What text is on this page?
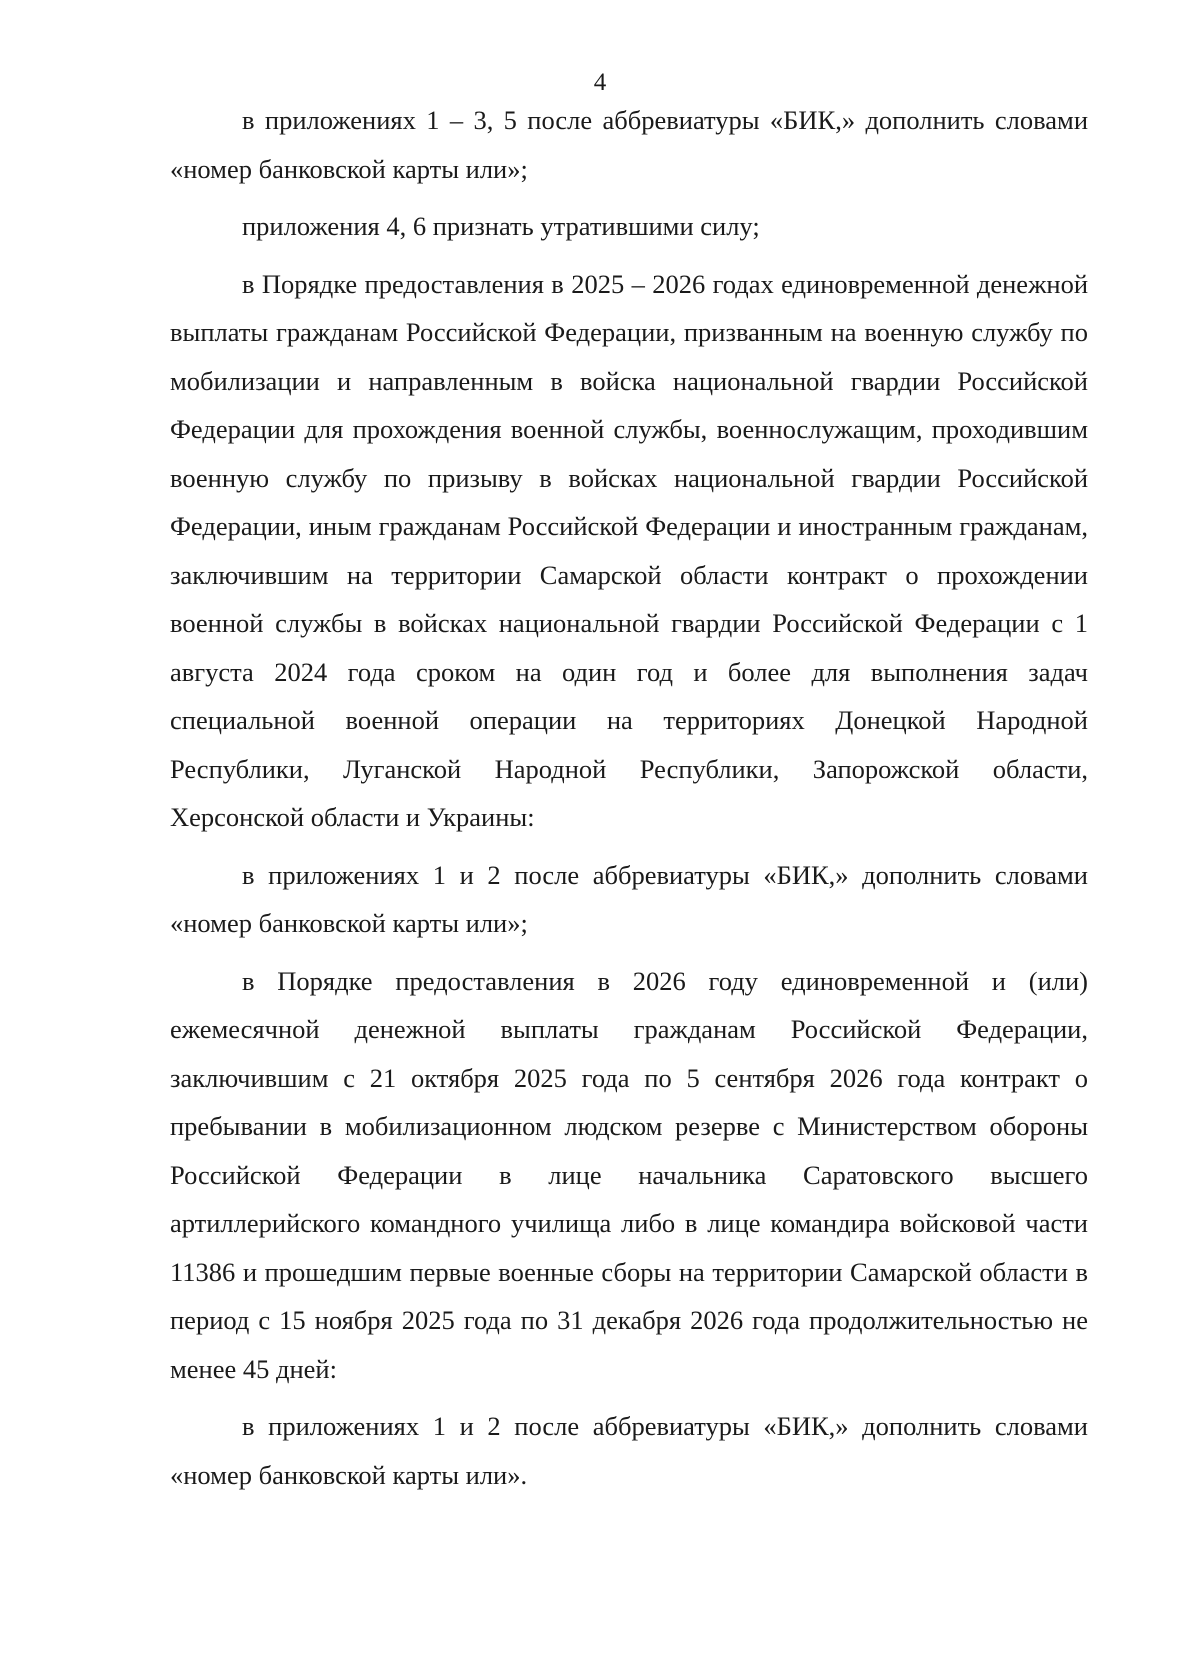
4

в приложениях 1 – 3, 5 после аббревиатуры «БИК,» дополнить словами «номер банковской карты или»;

приложения 4, 6 признать утратившими силу;

в Порядке предоставления в 2025 – 2026 годах единовременной денежной выплаты гражданам Российской Федерации, призванным на военную службу по мобилизации и направленным в войска национальной гвардии Российской Федерации для прохождения военной службы, военнослужащим, проходившим военную службу по призыву в войсках национальной гвардии Российской Федерации, иным гражданам Российской Федерации и иностранным гражданам, заключившим на территории Самарской области контракт о прохождении военной службы в войсках национальной гвардии Российской Федерации с 1 августа 2024 года сроком на один год и более для выполнения задач специальной военной операции на территориях Донецкой Народной Республики, Луганской Народной Республики, Запорожской области, Херсонской области и Украины:

в приложениях 1 и 2 после аббревиатуры «БИК,» дополнить словами «номер банковской карты или»;

в Порядке предоставления в 2026 году единовременной и (или) ежемесячной денежной выплаты гражданам Российской Федерации, заключившим с 21 октября 2025 года по 5 сентября 2026 года контракт о пребывании в мобилизационном людском резерве с Министерством обороны Российской Федерации в лице начальника Саратовского высшего артиллерийского командного училища либо в лице командира войсковой части 11386 и прошедшим первые военные сборы на территории Самарской области в период с 15 ноября 2025 года по 31 декабря 2026 года продолжительностью не менее 45 дней:

в приложениях 1 и 2 после аббревиатуры «БИК,» дополнить словами «номер банковской карты или».
